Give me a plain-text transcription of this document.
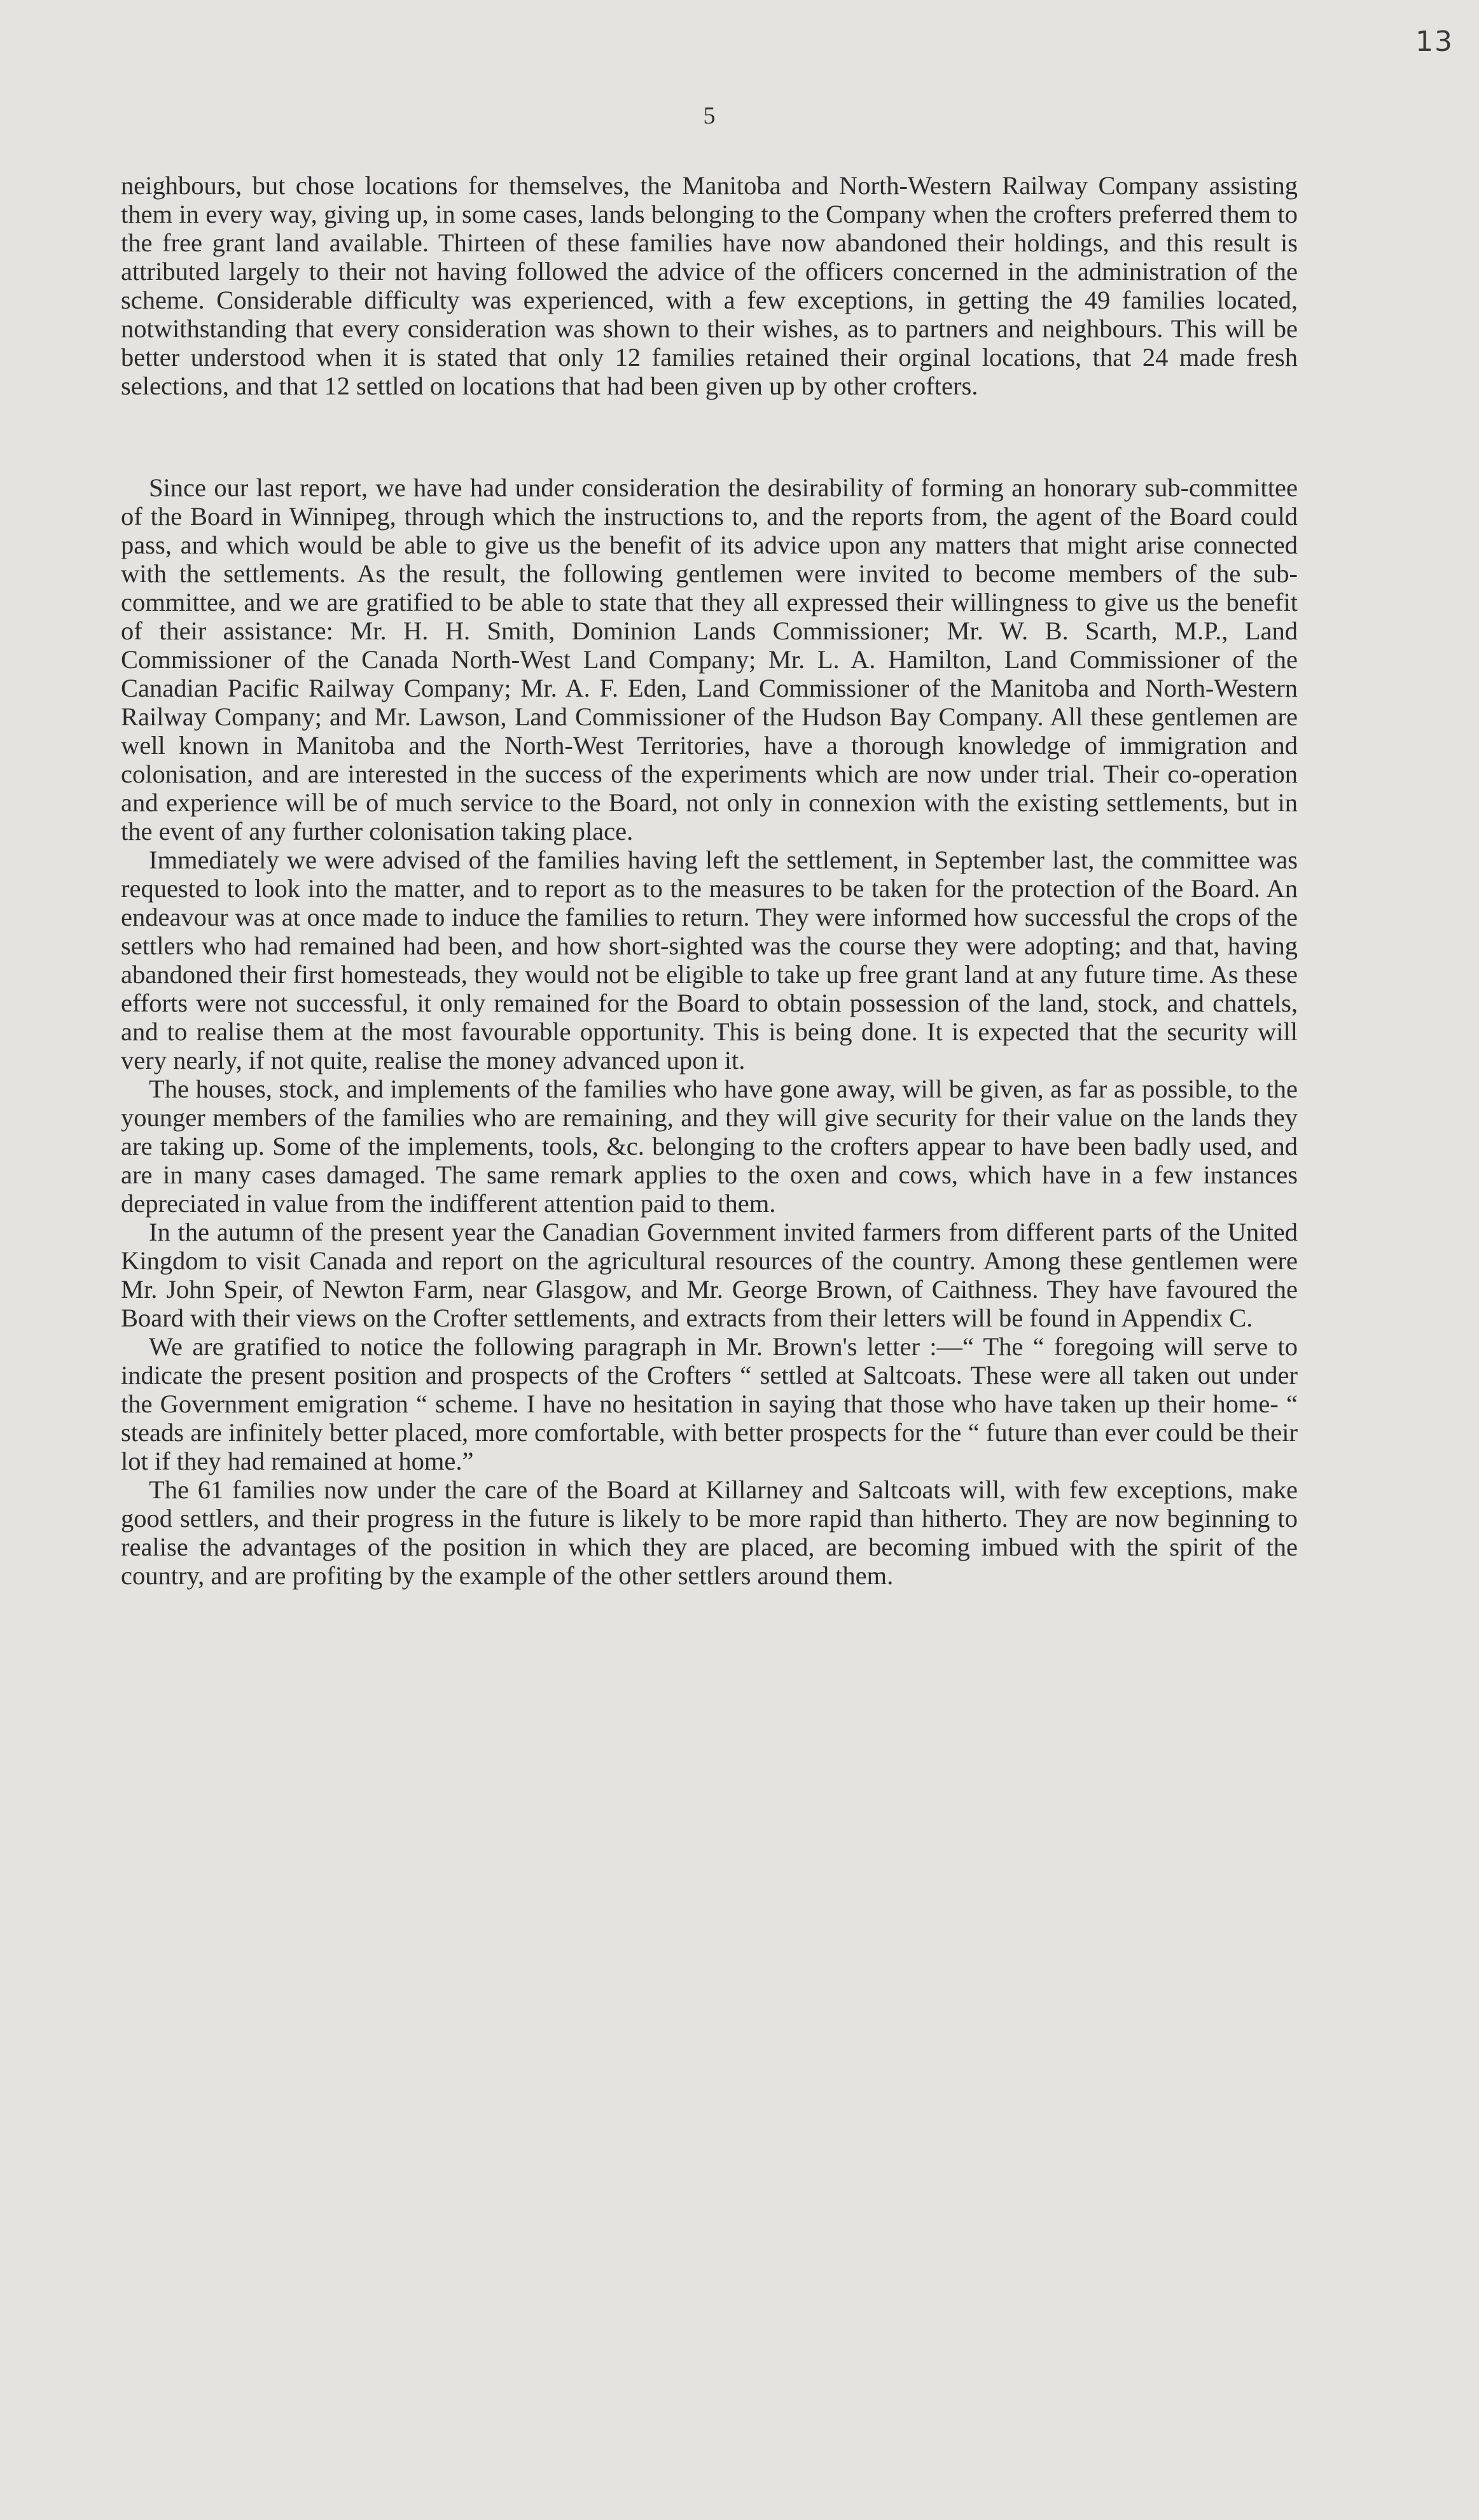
13
5

neighbours, but chose locations for themselves, the Manitoba and North-Western Railway Company assisting them in every way, giving up, in some cases, lands belonging to the Company when the crofters preferred them to the free grant land available. Thirteen of these families have now abandoned their holdings, and this result is attributed largely to their not having followed the advice of the officers concerned in the administration of the scheme. Considerable difficulty was experienced, with a few exceptions, in getting the 49 families located, notwithstanding that every consideration was shown to their wishes, as to partners and neighbours. This will be better understood when it is stated that only 12 families retained their orginal locations, that 24 made fresh selections, and that 12 settled on locations that had been given up by other crofters.

Since our last report, we have had under consideration the desirability of forming an honorary sub-committee of the Board in Winnipeg, through which the instructions to, and the reports from, the agent of the Board could pass, and which would be able to give us the benefit of its advice upon any matters that might arise connected with the settlements. As the result, the following gentlemen were invited to become members of the sub-committee, and we are gratified to be able to state that they all expressed their willingness to give us the benefit of their assistance: Mr. H. H. Smith, Dominion Lands Commissioner; Mr. W. B. Scarth, M.P., Land Commissioner of the Canada North-West Land Company; Mr. L. A. Hamilton, Land Commissioner of the Canadian Pacific Railway Company; Mr. A. F. Eden, Land Commissioner of the Manitoba and North-Western Railway Company; and Mr. Lawson, Land Commissioner of the Hudson Bay Company. All these gentlemen are well known in Manitoba and the North-West Territories, have a thorough knowledge of immigration and colonisation, and are interested in the success of the experiments which are now under trial. Their co-operation and experience will be of much service to the Board, not only in connexion with the existing settlements, but in the event of any further colonisation taking place.

Immediately we were advised of the families having left the settlement, in September last, the committee was requested to look into the matter, and to report as to the measures to be taken for the protection of the Board. An endeavour was at once made to induce the families to return. They were informed how successful the crops of the settlers who had remained had been, and how short-sighted was the course they were adopting; and that, having abandoned their first homesteads, they would not be eligible to take up free grant land at any future time. As these efforts were not successful, it only remained for the Board to obtain possession of the land, stock, and chattels, and to realise them at the most favourable opportunity. This is being done. It is expected that the security will very nearly, if not quite, realise the money advanced upon it.

The houses, stock, and implements of the families who have gone away, will be given, as far as possible, to the younger members of the families who are remaining, and they will give security for their value on the lands they are taking up. Some of the implements, tools, &c. belonging to the crofters appear to have been badly used, and are in many cases damaged. The same remark applies to the oxen and cows, which have in a few instances depreciated in value from the indifferent attention paid to them.

In the autumn of the present year the Canadian Government invited farmers from different parts of the United Kingdom to visit Canada and report on the agricultural resources of the country. Among these gentlemen were Mr. John Speir, of Newton Farm, near Glasgow, and Mr. George Brown, of Caithness. They have favoured the Board with their views on the Crofter settlements, and extracts from their letters will be found in Appendix C.

We are gratified to notice the following paragraph in Mr. Brown's letter :—“ The “ foregoing will serve to indicate the present position and prospects of the Crofters “ settled at Saltcoats. These were all taken out under the Government emigration “ scheme. I have no hesitation in saying that those who have taken up their home- “ steads are infinitely better placed, more comfortable, with better prospects for the “ future than ever could be their lot if they had remained at home.”

The 61 families now under the care of the Board at Killarney and Saltcoats will, with few exceptions, make good settlers, and their progress in the future is likely to be more rapid than hitherto. They are now beginning to realise the advantages of the position in which they are placed, are becoming imbued with the spirit of the country, and are profiting by the example of the other settlers around them.
